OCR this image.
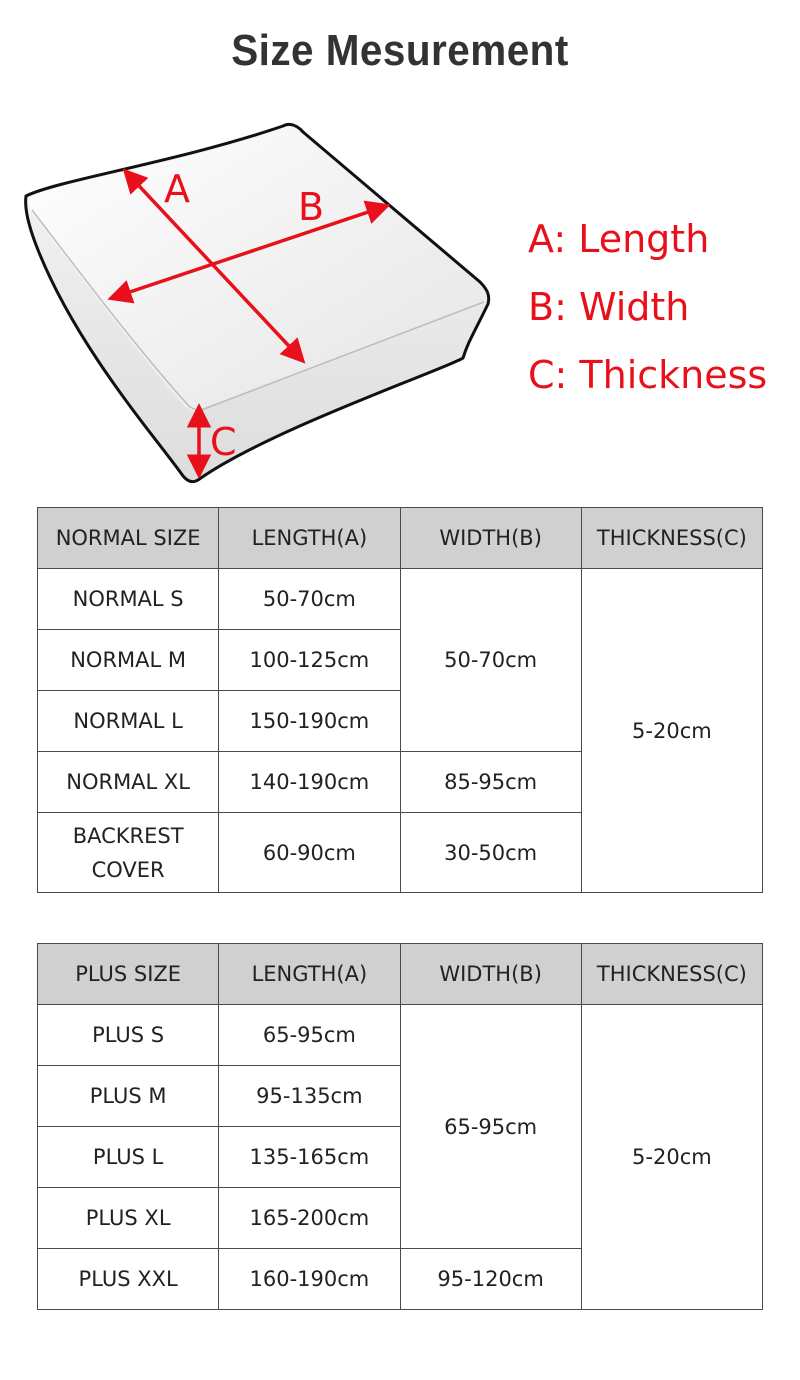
Size Mesurement
A	B
C
A: Length
B: Width
C: Thickness
NORMAL SIZE	LENGTH(A)	WIDTH(B)	THICKNESS(C)
NORMAL S	50-70cm	50-70cm	5-20cm
NORMAL M	100-125cm		
NORMAL L	150-190cm		
NORMAL XL	140-190cm	85-95cm	
BACKREST COVER	60-90cm	30-50cm	
PLUS SIZE	LENGTH(A)	WIDTH(B)	THICKNESS(C)
PLUS S	65-95cm	65-95cm	5-20cm
PLUS M	95-135cm		
PLUS L	135-165cm		
PLUS XL	165-200cm		
PLUS XXL	160-190cm	95-120cm	
